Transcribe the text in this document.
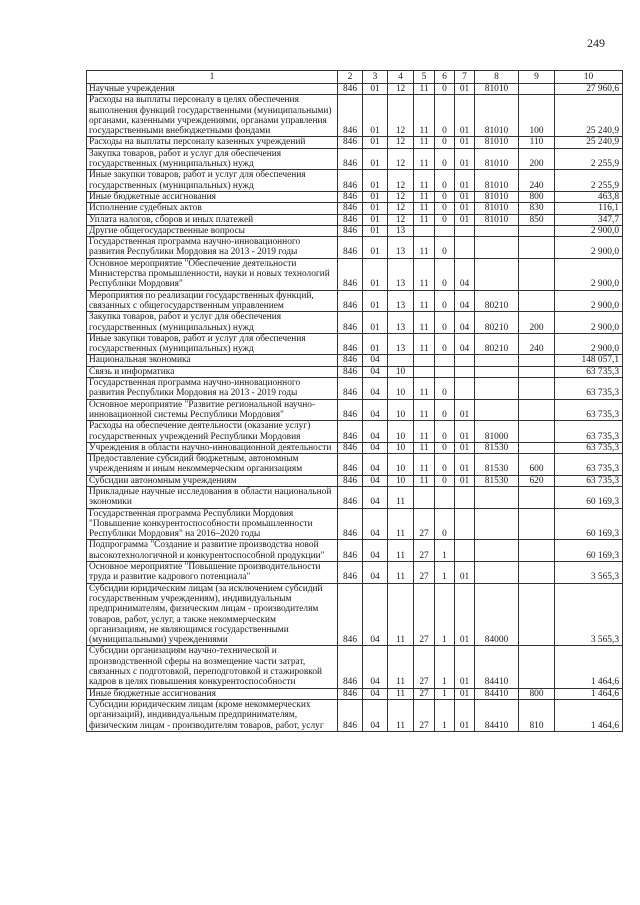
249
1	2	3	4	5	6	7	8	9	10
Научные учреждения	846	01	12	11	0	01	81010		27 960,6
Расходы на выплаты персоналу в целях обеспечения выполнения функций государственными (муниципальными) органами, казенными учреждениями, органами управления государственными внебюджетными фондами	846	01	12	11	0	01	81010	100	25 240,9
Расходы на выплаты персоналу казенных учреждений	846	01	12	11	0	01	81010	110	25 240,9
Закупка товаров, работ и услуг для обеспечения государственных (муниципальных) нужд	846	01	12	11	0	01	81010	200	2 255,9
Иные закупки товаров, работ и услуг для обеспечения государственных (муниципальных) нужд	846	01	12	11	0	01	81010	240	2 255,9
Иные бюджетные ассигнования	846	01	12	11	0	01	81010	800	463,8
Исполнение судебных актов	846	01	12	11	0	01	81010	830	116,1
Уплата налогов, сборов и иных платежей	846	01	12	11	0	01	81010	850	347,7
Другие общегосударственные вопросы	846	01	13						2 900,0
Государственная программа научно-инновационного развития Республики Мордовия на 2013 - 2019 годы	846	01	13	11	0				2 900,0
Основное мероприятие "Обеспечение деятельности Министерства промышленности, науки и новых технологий Республики Мордовия"	846	01	13	11	0	04			2 900,0
Мероприятия по реализации государственных функций, связанных с общегосударственным управлением	846	01	13	11	0	04	80210		2 900,0
Закупка товаров, работ и услуг для обеспечения государственных (муниципальных) нужд	846	01	13	11	0	04	80210	200	2 900,0
Иные закупки товаров, работ и услуг для обеспечения государственных (муниципальных) нужд	846	01	13	11	0	04	80210	240	2 900,0
Национальная экономика	846	04							148 057,1
Связь и информатика	846	04	10						63 735,3
Государственная программа научно-инновационного развития Республики Мордовия на 2013 - 2019 годы	846	04	10	11	0				63 735,3
Основное мероприятие "Развитие региональной научно-инновационной системы Республики Мордовия"	846	04	10	11	0	01			63 735,3
Расходы на обеспечение деятельности (оказание услуг) государственных учреждений Республики Мордовия	846	04	10	11	0	01	81000		63 735,3
Учреждения в области научно-инновационной деятельности	846	04	10	11	0	01	81530		63 735,3
Предоставление субсидий бюджетным, автономным учреждениям и иным некоммерческим организациям	846	04	10	11	0	01	81530	600	63 735,3
Субсидии автономным учреждениям	846	04	10	11	0	01	81530	620	63 735,3
Прикладные научные исследования в области национальной экономики	846	04	11						60 169,3
Государственная программа Республики Мордовия "Повышение конкурентоспособности промышленности Республики Мордовия" на 2016–2020 годы	846	04	11	27	0				60 169,3
Подпрограмма "Создание и развитие производства новой высокотехнологичной и конкурентоспособной продукции"	846	04	11	27	1				60 169,3
Основное мероприятие "Повышение производительности труда и развитие кадрового потенциала"	846	04	11	27	1	01			3 565,3
Субсидии юридическим лицам (за исключением субсидий государственным учреждениям), индивидуальным предпринимателям, физическим лицам - производителям товаров, работ, услуг, а также некоммерческим организациям, не являющимся государственными (муниципальными) учреждениями	846	04	11	27	1	01	84000		3 565,3
Субсидии организациям научно-технической и производственной сферы на возмещение части затрат, связанных с подготовкой, переподготовкой и стажировкой кадров в целях повышения конкурентоспособности	846	04	11	27	1	01	84410		1 464,6
Иные бюджетные ассигнования	846	04	11	27	1	01	84410	800	1 464,6
Субсидии юридическим лицам (кроме некоммерческих организаций), индивидуальным предпринимателям, физическим лицам - производителям товаров, работ, услуг	846	04	11	27	1	01	84410	810	1 464,6
